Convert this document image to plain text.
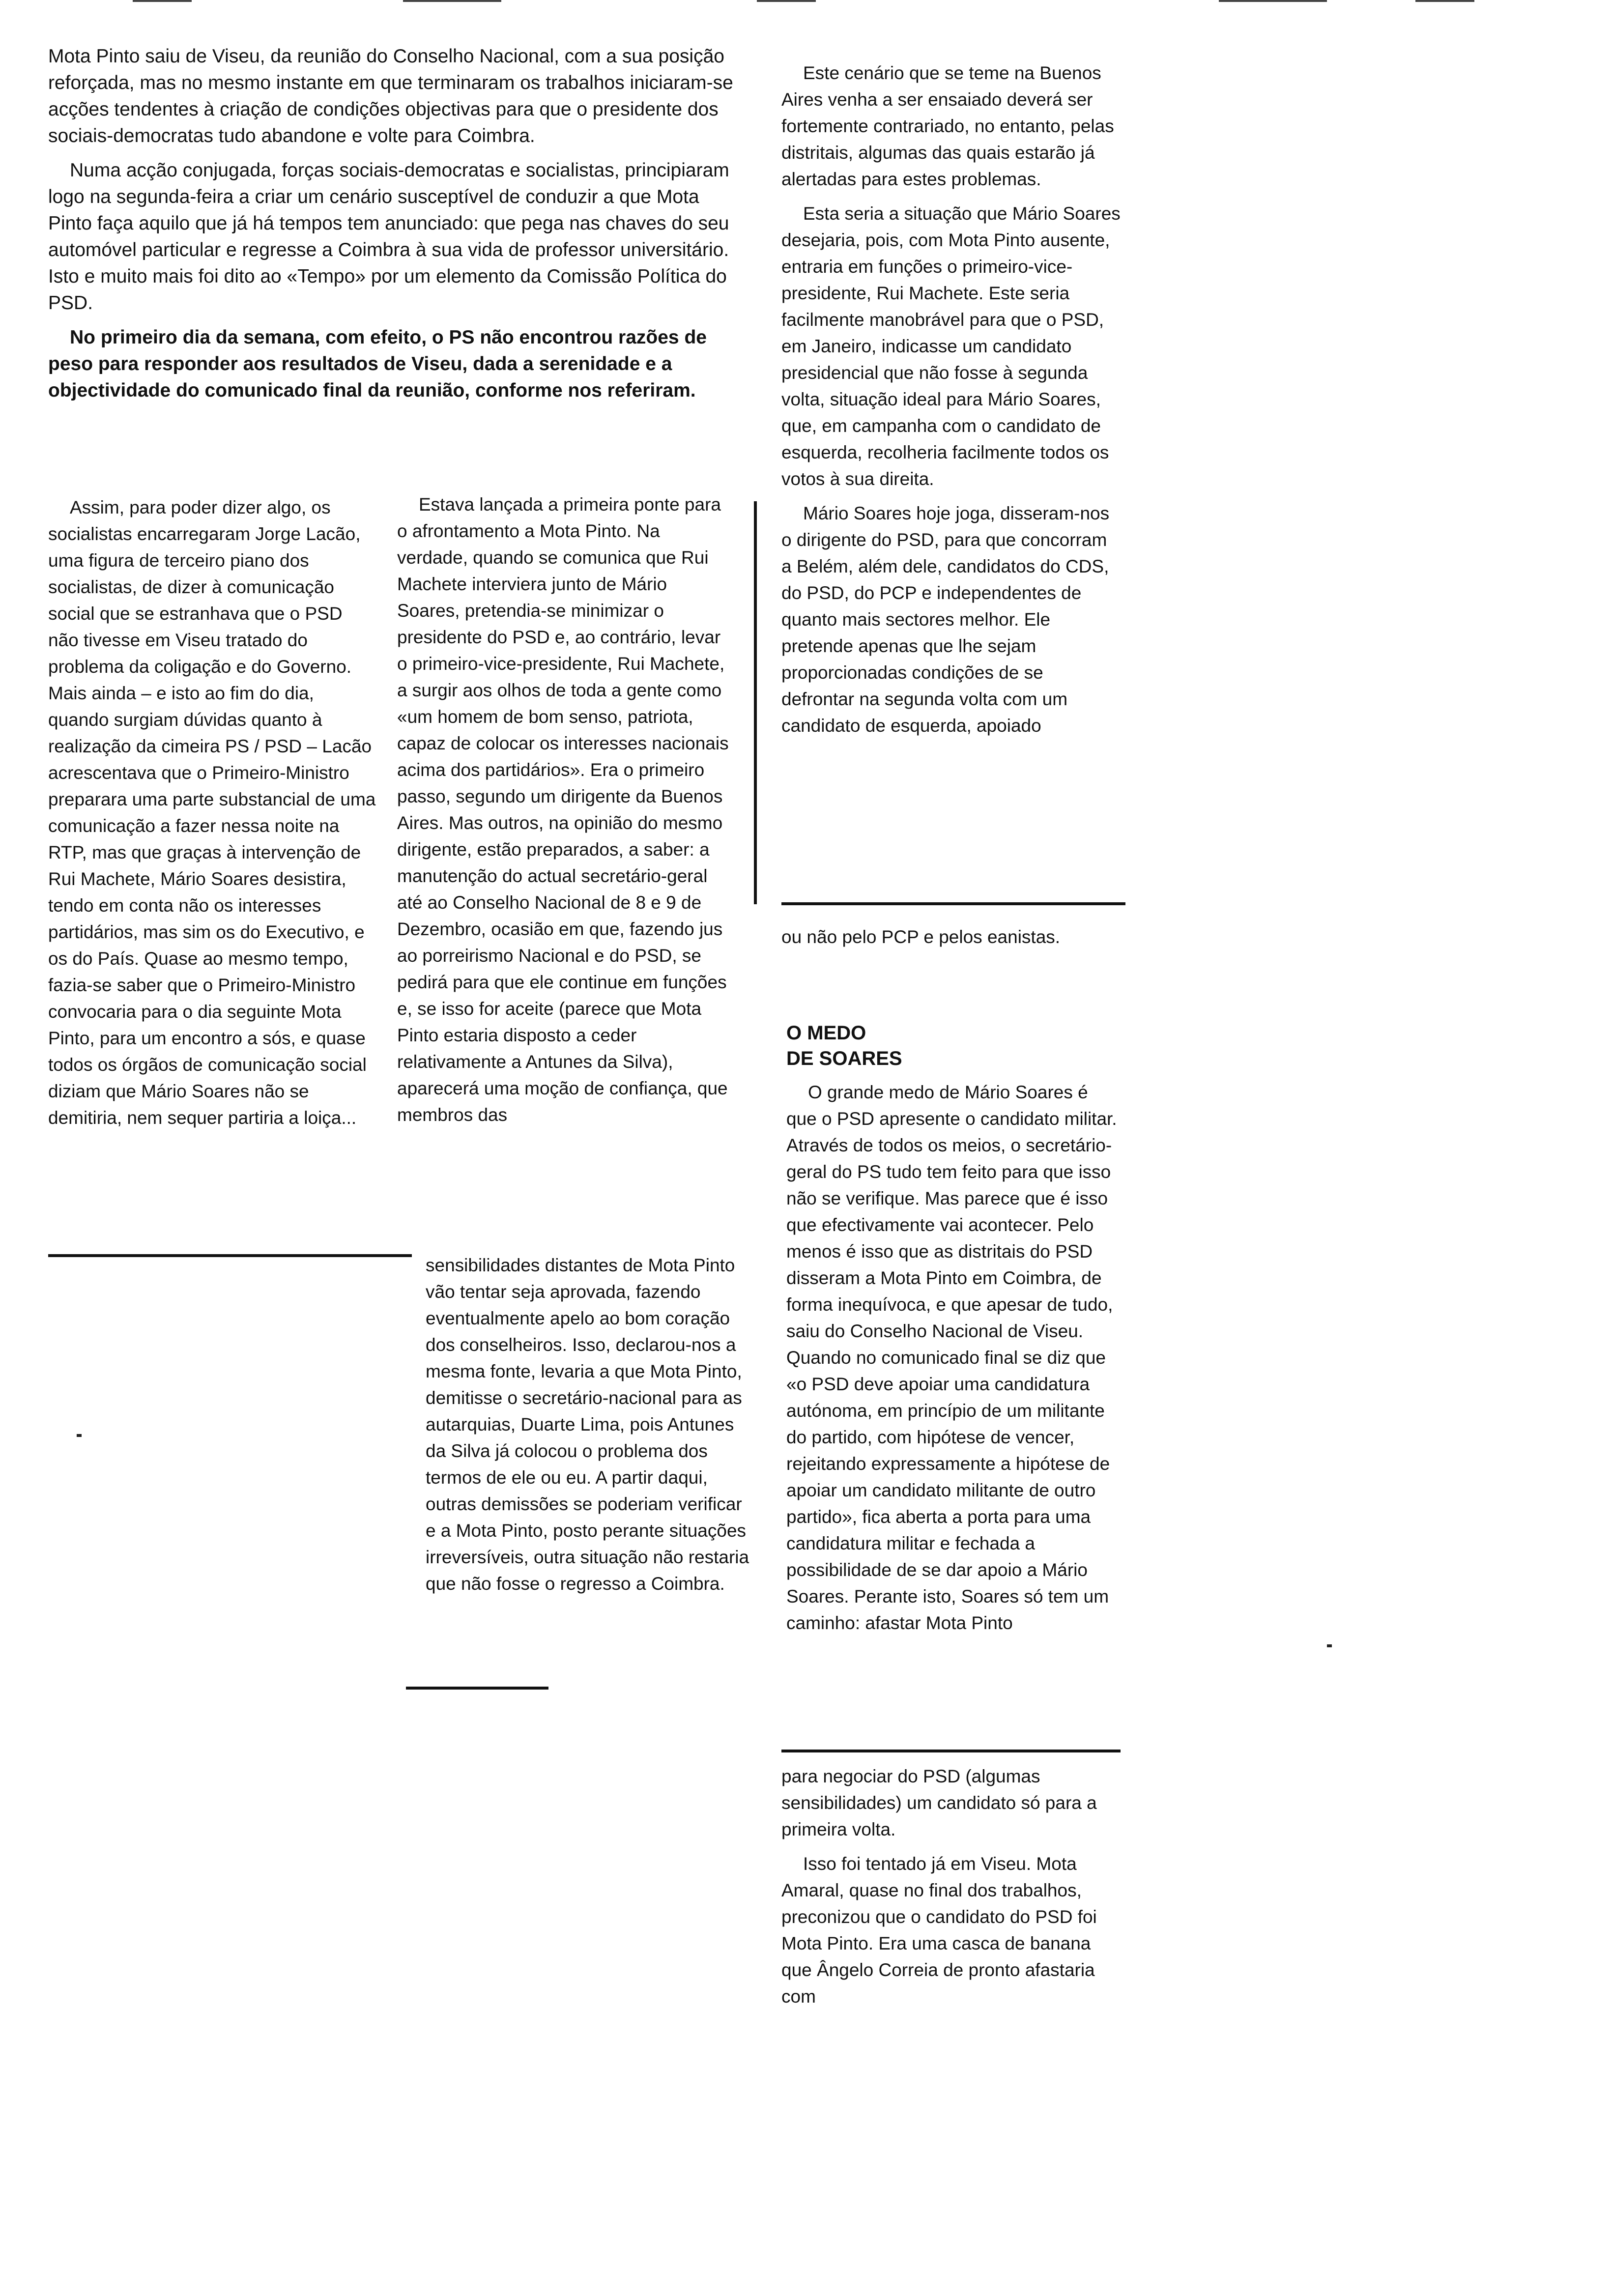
Mota Pinto saiu de Viseu, da reunião do Conselho Nacional, com a sua posição reforçada, mas no mesmo instante em que terminaram os trabalhos iniciaram-se acções tendentes à criação de condições objectivas para que o presidente dos sociais-democratas tudo abandone e volte para Coimbra.

Numa acção conjugada, forças sociais-democratas e socialistas, principiaram logo na segunda-feira a criar um cenário susceptível de conduzir a que Mota Pinto faça aquilo que já há tempos tem anunciado: que pega nas chaves do seu automóvel particular e regresse a Coimbra à sua vida de professor universitário. Isto e muito mais foi dito ao «Tempo» por um elemento da Comissão Política do PSD.

No primeiro dia da semana, com efeito, o PS não encontrou razões de peso para responder aos resultados de Viseu, dada a serenidade e a objectividade do comunicado final da reunião, conforme nos referiram.

Assim, para poder dizer algo, os socialistas encarregaram Jorge Lacão, uma figura de terceiro piano dos socialistas, de dizer à comunicação social que se estranhava que o PSD não tivesse em Viseu tratado do problema da coligação e do Governo. Mais ainda – e isto ao fim do dia, quando surgiam dúvidas quanto à realização da cimeira PS / PSD – Lacão acrescentava que o Primeiro-Ministro preparara uma parte substancial de uma comunicação a fazer nessa noite na RTP, mas que graças à intervenção de Rui Machete, Mário Soares desistira, tendo em conta não os interesses partidários, mas sim os do Executivo, e os do País. Quase ao mesmo tempo, fazia-se saber que o Primeiro-Ministro convocaria para o dia seguinte Mota Pinto, para um encontro a sós, e quase todos os órgãos de comunicação social diziam que Mário Soares não se demitiria, nem sequer partiria a loiça...

Estava lançada a primeira ponte para o afrontamento a Mota Pinto. Na verdade, quando se comunica que Rui Machete interviera junto de Mário Soares, pretendia-se minimizar o presidente do PSD e, ao contrário, levar o primeiro-vice-presidente, Rui Machete, a surgir aos olhos de toda a gente como «um homem de bom senso, patriota, capaz de colocar os interesses nacionais acima dos partidários». Era o primeiro passo, segundo um dirigente da Buenos Aires. Mas outros, na opinião do mesmo dirigente, estão preparados, a saber: a manutenção do actual secretário-geral até ao Conselho Nacional de 8 e 9 de Dezembro, ocasião em que, fazendo jus ao porreirismo Nacional e do PSD, se pedirá para que ele continue em funções e, se isso for aceite (parece que Mota Pinto estaria disposto a ceder relativamente a Antunes da Silva), aparecerá uma moção de confiança, que membros das

sensibilidades distantes de Mota Pinto vão tentar seja aprovada, fazendo eventualmente apelo ao bom coração dos conselheiros. Isso, declarou-nos a mesma fonte, levaria a que Mota Pinto, demitisse o secretário-nacional para as autarquias, Duarte Lima, pois Antunes da Silva já colocou o problema dos termos de ele ou eu. A partir daqui, outras demissões se poderiam verificar e a Mota Pinto, posto perante situações irreversíveis, outra situação não restaria que não fosse o regresso a Coimbra.

Este cenário que se teme na Buenos Aires venha a ser ensaiado deverá ser fortemente contrariado, no entanto, pelas distritais, algumas das quais estarão já alertadas para estes problemas.

Esta seria a situação que Mário Soares desejaria, pois, com Mota Pinto ausente, entraria em funções o primeiro-vice-presidente, Rui Machete. Este seria facilmente manobrável para que o PSD, em Janeiro, indicasse um candidato presidencial que não fosse à segunda volta, situação ideal para Mário Soares, que, em campanha com o candidato de esquerda, recolheria facilmente todos os votos à sua direita.

Mário Soares hoje joga, disseram-nos o dirigente do PSD, para que concorram a Belém, além dele, candidatos do CDS, do PSD, do PCP e independentes de quanto mais sectores melhor. Ele pretende apenas que lhe sejam proporcionadas condições de se defrontar na segunda volta com um candidato de esquerda, apoiado

ou não pelo PCP e pelos eanistas.

O MEDO
DE SOARES

O grande medo de Mário Soares é que o PSD apresente o candidato militar. Através de todos os meios, o secretário-geral do PS tudo tem feito para que isso não se verifique. Mas parece que é isso que efectivamente vai acontecer. Pelo menos é isso que as distritais do PSD disseram a Mota Pinto em Coimbra, de forma inequívoca, e que apesar de tudo, saiu do Conselho Nacional de Viseu. Quando no comunicado final se diz que «o PSD deve apoiar uma candidatura autónoma, em princípio de um militante do partido, com hipótese de vencer, rejeitando expressamente a hipótese de apoiar um candidato militante de outro partido», fica aberta a porta para uma candidatura militar e fechada a possibilidade de se dar apoio a Mário Soares. Perante isto, Soares só tem um caminho: afastar Mota Pinto

para negociar do PSD (algumas sensibilidades) um candidato só para a primeira volta.

Isso foi tentado já em Viseu. Mota Amaral, quase no final dos trabalhos, preconizou que o candidato do PSD foi Mota Pinto. Era uma casca de banana que Ângelo Correia de pronto afastaria com
